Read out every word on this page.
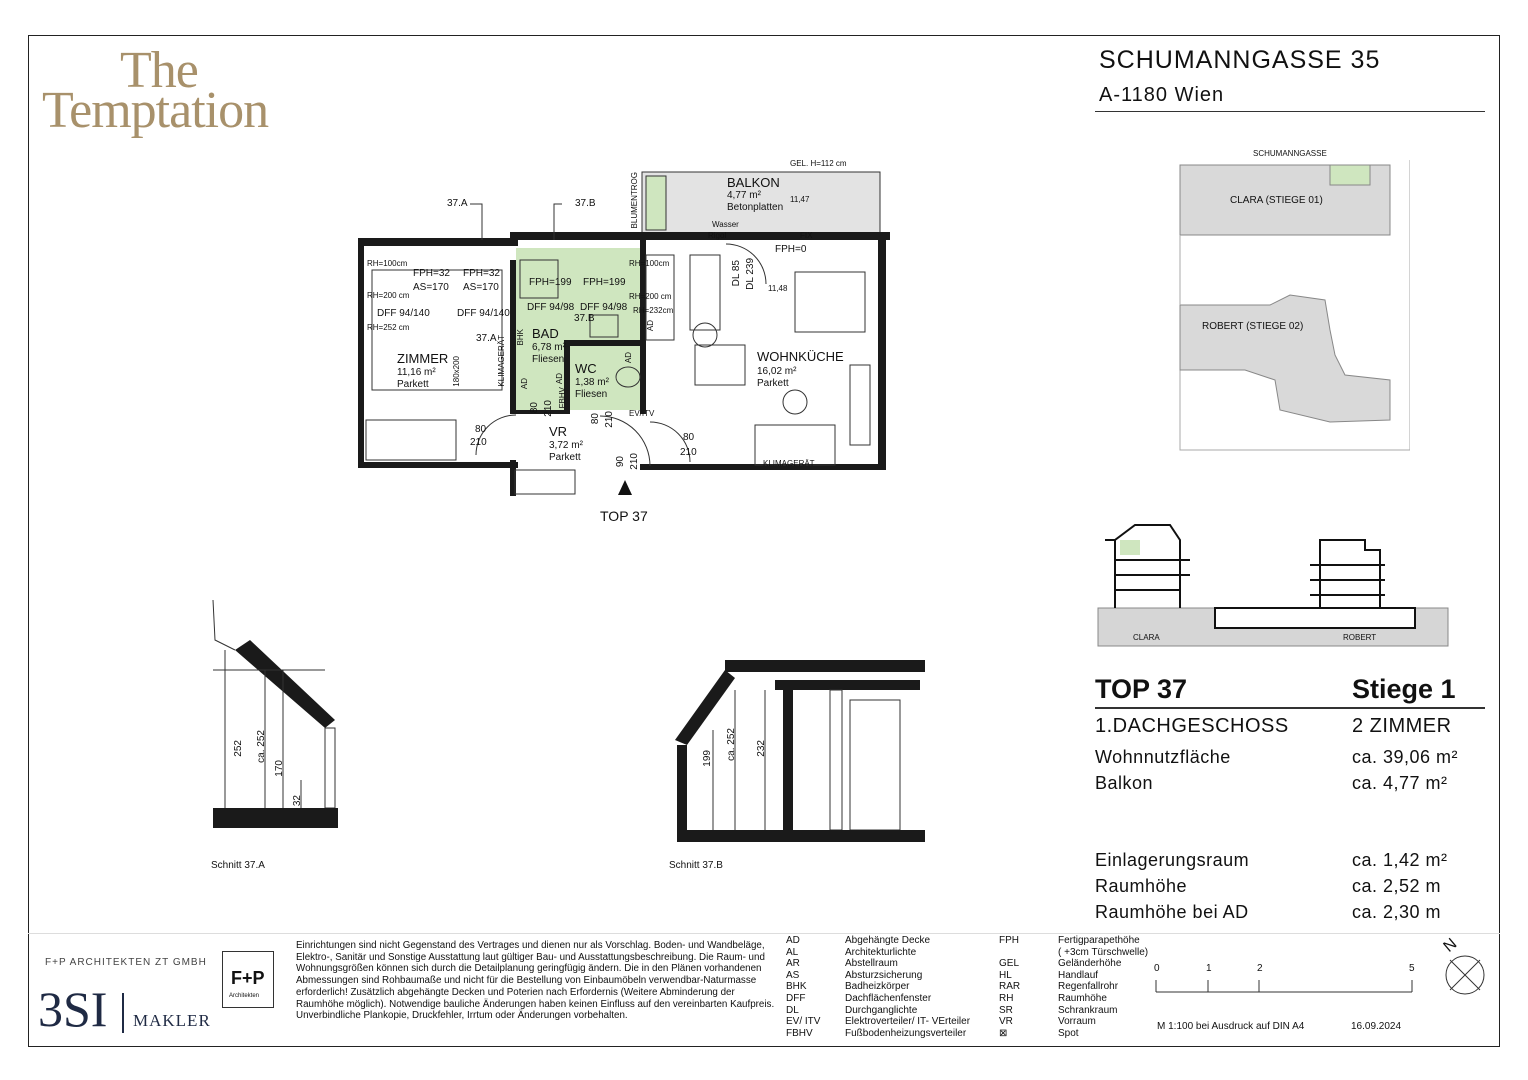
The
Temptation
SCHUMANNGASSE 35
A-1180 Wien
SCHUMANNGASSE
CLARA (STIEGE 01)
ROBERT (STIEGE 02)
CLARA	ROBERT
TOP 37	Stiege 1
1.DACHGESCHOSS	2 ZIMMER
Wohnnutzfläche	ca. 39,06 m²
Balkon	ca. 4,77 m²
Einlagerungsraum	ca. 1,42 m²
Raumhöhe	ca. 2,52 m
Raumhöhe bei AD	ca. 2,30 m
GEL. H=112 cm
BALKON
4,77 m²
Betonplatten
11,47
BLUMENTROG	Wasser
Rigol	FIX
37.A	37.B
RH=100cm
RH=200 cm
RH=252 cm
FPH=32
AS=170
FPH=32
AS=170
DFF 94/140	DFF 94/140
37.A
FPH=199 FPH=199
RH=100cm
RH=200 cm
RH=232cm
DFF 94/98 DFF 94/98
37.B
FPH=0
DL 85 DL 239 11,48
ZIMMER
11,16 m²
Parkett	180x200	KLIMAGERÄT
BAD
6,78 m²
Fliesen
BHK
AD	AD
AD
AD
FBHV
WC
1,38 m²
Fliesen
EV/ITV
WOHNKÜCHE
16,02 m²
Parkett
KLIMAGERÄT
VR
3,72 m²
Parkett
80
210
80 210
80 210
80
210
90 210
TOP 37
252 ca. 252
170
32
Schnitt 37.A
199 ca. 252 232
Schnitt 37.B
F+P ARCHITEKTEN ZT GMBH
3SI MAKLER
F+P
Architekten
Einrichtungen sind nicht Gegenstand des Vertrages und dienen nur als Vorschlag. Boden- und Wandbeläge, Elektro-, Sanitär und Sonstige Ausstattung laut gültiger Bau- und Ausstattungsbeschreibung. Die Raum- und Wohnungsgrößen können sich durch die Detailplanung geringfügig ändern. Die in den Plänen vorhandenen Abmessungen sind Rohbaumaße und nicht für die Bestellung von Einbaumöbeln verwendbar-Naturmasse erforderlich! Zusätzlich abgehängte Decken und Poterien nach Erfordernis (Weitere Abminderung der Raumhöhe möglich). Notwendige bauliche Änderungen haben keinen Einfluss auf den vereinbarten Kaufpreis. Unverbindliche Plankopie, Druckfehler, Irrtum oder Änderungen vorbehalten.
AD	Abgehängte Decke
AL	Architekturlichte
AR	Abstellraum
AS	Absturzsicherung
BHK	Badheizkörper
DFF	Dachflächenfenster
DL	Durchganglichte
EV/ ITV Elektroverteiler/ IT- VErteiler
FBHV	Fußbodenheizungsverteiler
FPH	Fertigparapethöhe
( +3cm Türschwelle)
GEL	Geländerhöhe
HL	Handlauf
RAR	Regenfallrohr
RH	Raumhöhe
SR	Schrankraum
VR	Vorraum
⊠	Spot
0	1	2	5
M 1:100 bei Ausdruck auf DIN A4	16.09.2024
N
